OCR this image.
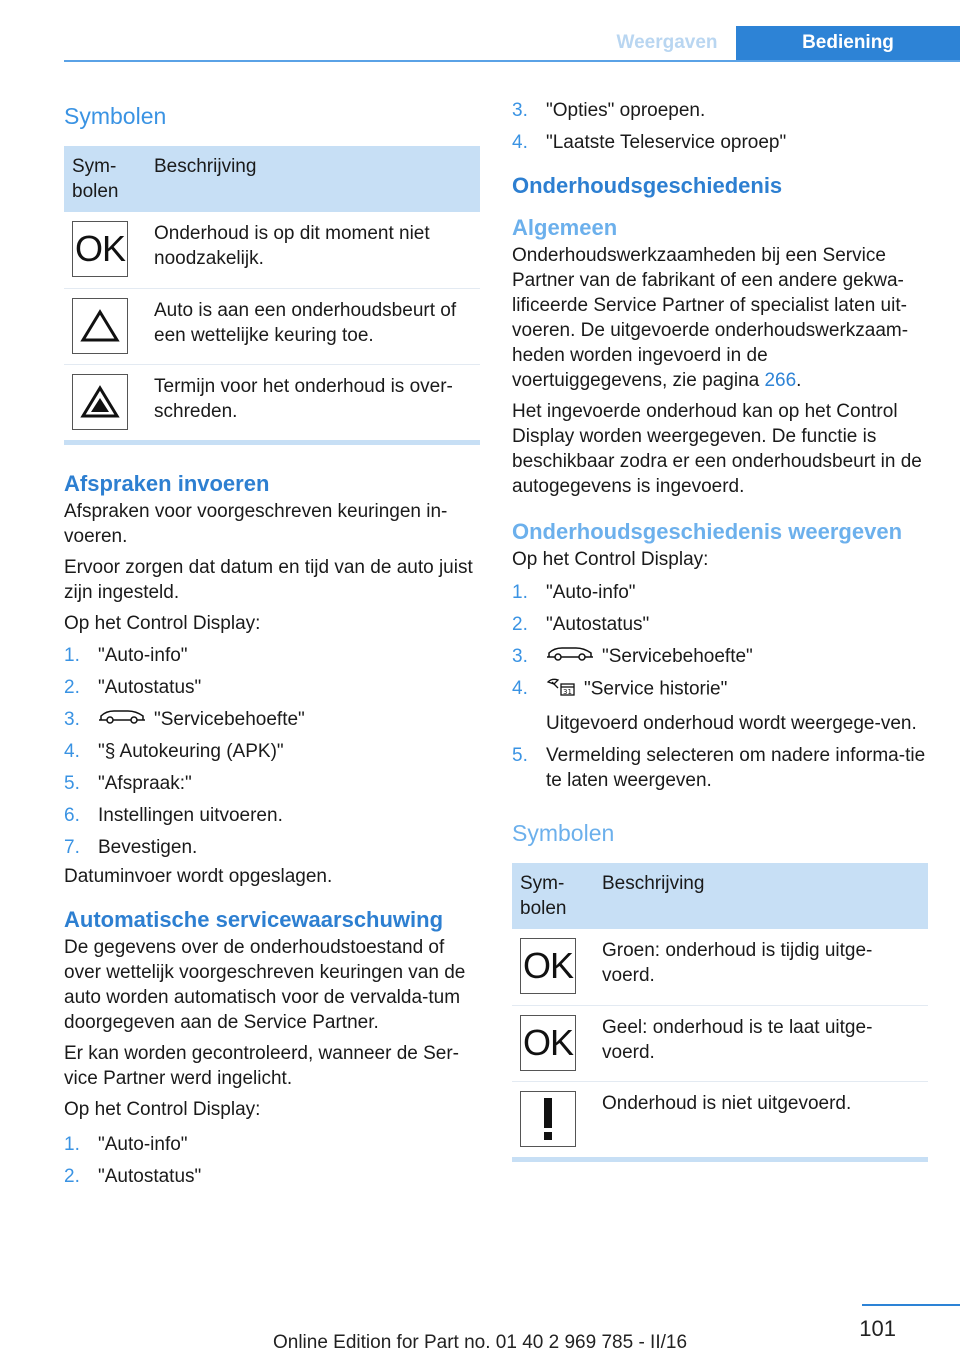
Weergaven	Bediening
Symbolen
Sym-
bolen	Beschrijving

OK	Onderhoud is op dit moment niet noodzakelijk.

	Auto is aan een onderhoudsbeurt of een wettelijke keuring toe.

	Termijn voor het onderhoud is over-schreden.
Afspraken invoeren
Afspraken voor voorgeschreven keuringen in-voeren.
Ervoor zorgen dat datum en tijd van de auto juist zijn ingesteld.
Op het Control Display:
1. "Auto-info"
2. "Autostatus"
3.	"Servicebehoefte"
4. "§ Autokeuring (APK)"
5. "Afspraak:"
6. Instellingen uitvoeren.
7. Bevestigen.
Datuminvoer wordt opgeslagen.
Automatische servicewaarschuwing
De gegevens over de onderhoudstoestand of over wettelijk voorgeschreven keuringen van de auto worden automatisch voor de vervalda-tum doorgegeven aan de Service Partner.
Er kan worden gecontroleerd, wanneer de Ser-vice Partner werd ingelicht.
Op het Control Display:
1. "Auto-info"
2. "Autostatus"
3. "Opties" oproepen.
4. "Laatste Teleservice oproep"
Onderhoudsgeschiedenis
Algemeen
Onderhoudswerkzaamheden bij een Service Partner van de fabrikant of een andere gekwa-lificeerde Service Partner of specialist laten uit-voeren. De uitgevoerde onderhoudswerkzaam-heden worden ingevoerd in de voertuiggegevens, zie pagina 266.
Het ingevoerde onderhoud kan op het Control Display worden weergegeven. De functie is beschikbaar zodra er een onderhoudsbeurt in de autogegevens is ingevoerd.
Onderhoudsgeschiedenis weergeven
Op het Control Display:
1. "Auto-info"
2. "Autostatus"
3.	"Servicebehoefte"
4.	31 "Service historie"
Uitgevoerd onderhoud wordt weergege-ven.
5. Vermelding selecteren om nadere informa-tie te laten weergeven.
Symbolen
Sym-
bolen	Beschrijving

OK	Groen: onderhoud is tijdig uitge-voerd.

OK	Geel: onderhoud is te laat uitge-voerd.

	Onderhoud is niet uitgevoerd.
101
Online Edition for Part no. 01 40 2 969 785 - II/16
